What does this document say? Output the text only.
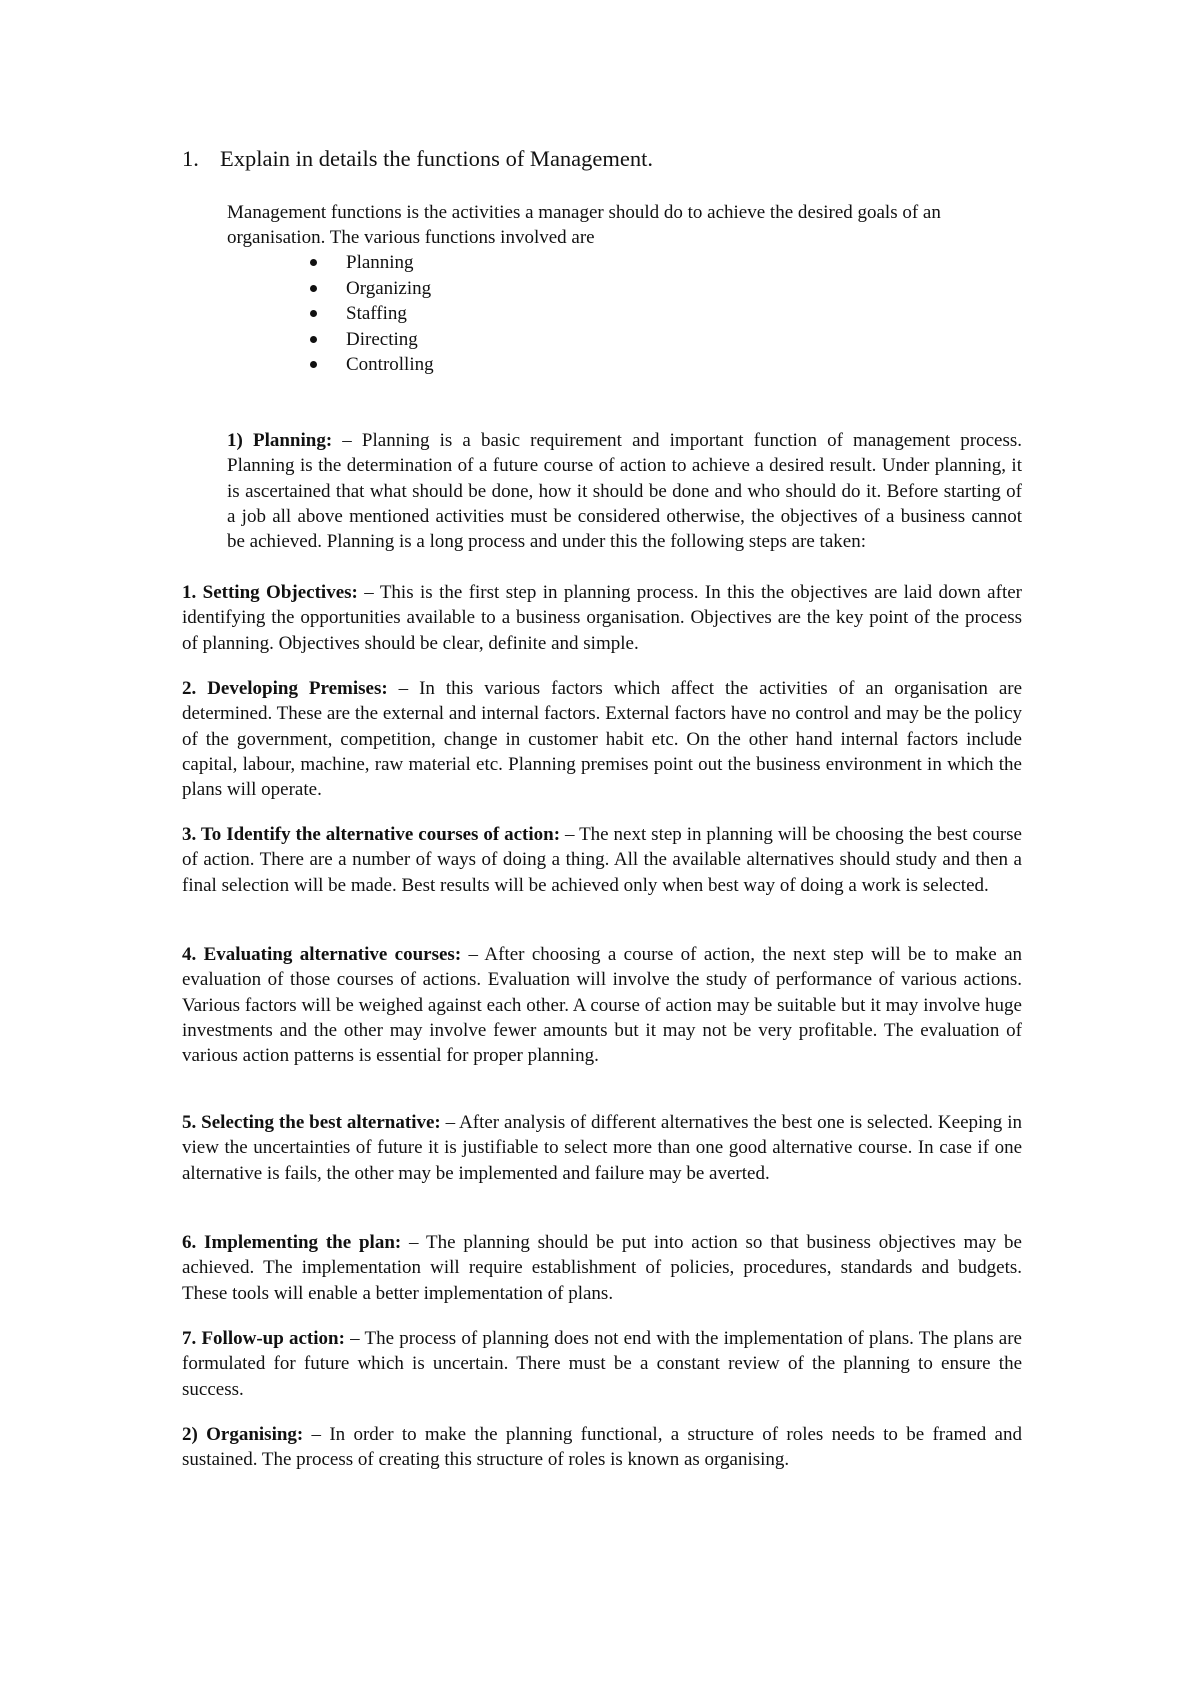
1. Explain in details the functions of Management.

Management functions is the activities a manager should do to achieve the desired goals of an organisation. The various functions involved are

Planning
Organizing
Staffing
Directing
Controlling

1) Planning: – Planning is a basic requirement and important function of management process. Planning is the determination of a future course of action to achieve a desired result. Under planning, it is ascertained that what should be done, how it should be done and who should do it. Before starting of a job all above mentioned activities must be considered otherwise, the objectives of a business cannot be achieved. Planning is a long process and under this the following steps are taken:

1. Setting Objectives: – This is the first step in planning process. In this the objectives are laid down after identifying the opportunities available to a business organisation. Objectives are the key point of the process of planning. Objectives should be clear, definite and simple.

2. Developing Premises: – In this various factors which affect the activities of an organisation are determined. These are the external and internal factors. External factors have no control and may be the policy of the government, competition, change in customer habit etc. On the other hand internal factors include capital, labour, machine, raw material etc. Planning premises point out the business environment in which the plans will operate.

3. To Identify the alternative courses of action: – The next step in planning will be choosing the best course of action. There are a number of ways of doing a thing. All the available alternatives should study and then a final selection will be made. Best results will be achieved only when best way of doing a work is selected.

4. Evaluating alternative courses: – After choosing a course of action, the next step will be to make an evaluation of those courses of actions. Evaluation will involve the study of performance of various actions. Various factors will be weighed against each other. A course of action may be suitable but it may involve huge investments and the other may involve fewer amounts but it may not be very profitable. The evaluation of various action patterns is essential for proper planning.

5. Selecting the best alternative: – After analysis of different alternatives the best one is selected. Keeping in view the uncertainties of future it is justifiable to select more than one good alternative course. In case if one alternative is fails, the other may be implemented and failure may be averted.

6. Implementing the plan: – The planning should be put into action so that business objectives may be achieved. The implementation will require establishment of policies, procedures, standards and budgets. These tools will enable a better implementation of plans.

7. Follow-up action: – The process of planning does not end with the implementation of plans. The plans are formulated for future which is uncertain. There must be a constant review of the planning to ensure the success.

2) Organising: – In order to make the planning functional, a structure of roles needs to be framed and sustained. The process of creating this structure of roles is known as organising.
